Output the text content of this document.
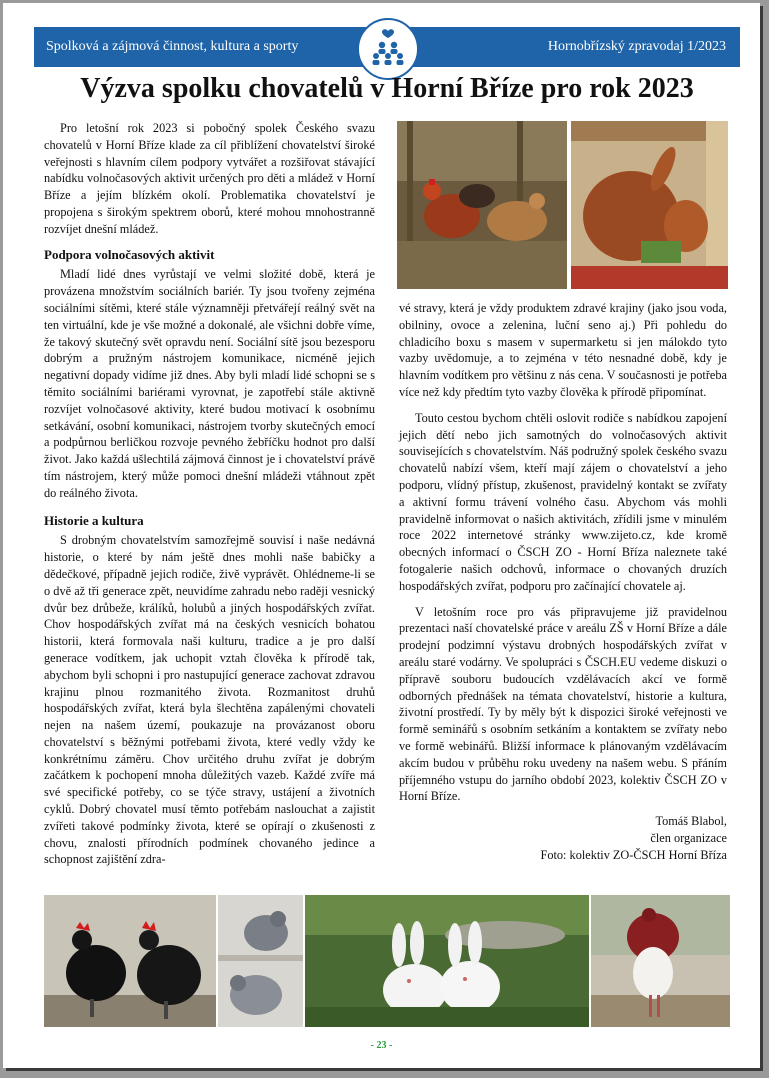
Spolková a zájmová činnost, kultura a sporty	Hornobřízský zpravodaj 1/2023
Výzva spolku chovatelů v Horní Bříze pro rok 2023

Pro letošní rok 2023 si pobočný spolek Českého svazu chovatelů v Horní Bříze klade za cíl přiblížení chovatelství široké veřejnosti s hlavním cílem podpory vytvářet a rozšiřovat stávající nabídku volnočasových aktivit určených pro děti a mládež v Horní Bříze a jejím blízkém okolí. Problematika chovatelství je propojena s širokým spektrem oborů, které mohou mnohostranně rozvíjet dnešní mládež.

Podpora volnočasových aktivit

Mladí lidé dnes vyrůstají ve velmi složité době, která je provázena množstvím sociálních bariér. Ty jsou tvořeny zejména sociálními sítěmi, které stále významněji přetvářejí reálný svět na ten virtuální, kde je vše možné a dokonalé, ale všichni dobře víme, že takový skutečný svět opravdu není. Sociální sítě jsou bezesporu dobrým a pružným nástrojem komunikace, nicméně jejich negativní dopady vidíme již dnes. Aby byli mladí lidé schopni se s těmito sociálními bariérami vyrovnat, je zapotřebí stále aktivně rozvíjet volnočasové aktivity, které budou motivací k osobnímu setkávání, osobní komunikaci, nástrojem tvorby skutečných emocí a podpůrnou berličkou rozvoje pevného žebříčku hodnot pro další život. Jako každá ušlechtilá zájmová činnost je i chovatelství právě tím nástrojem, který může pomoci dnešní mládeži vtáhnout zpět do reálného života.

Historie a kultura

S drobným chovatelstvím samozřejmě souvisí i naše nedávná historie, o které by nám ještě dnes mohli naše babičky a dědečkové, případně jejich rodiče, živě vyprávět. Ohlédneme-li se o dvě až tři generace zpět, neuvidíme zahradu nebo raději vesnický dvůr bez drůbeže, králíků, holubů a jiných hospodářských zvířat. Chov hospodářských zvířat má na českých vesnicích bohatou historii, která formovala naši kulturu, tradice a je pro další generace vodítkem, jak uchopit vztah člověka k přírodě tak, abychom byli schopni i pro nastupující generace zachovat zdravou krajinu plnou rozmanitého života. Rozmanitost druhů hospodářských zvířat, která byla šlechtěna zapálenými chovateli nejen na našem území, poukazuje na provázanost oboru chovatelství s běžnými potřebami života, které vedly vždy ke konkrétnímu záměru. Chov určitého druhu zvířat je dobrým začátkem k pochopení mnoha důležitých vazeb. Každé zvíře má své specifické potřeby, co se týče stravy, ustájení a životních cyklů. Dobrý chovatel musí těmto potřebám naslouchat a zajistit zvířeti takové podmínky života, které se opírají o zkušenosti z chovu, znalosti přírodních podmínek chovaného jedince a schopnost zajištění zdra-

vé stravy, která je vždy produktem zdravé krajiny (jako jsou voda, obilniny, ovoce a zelenina, luční seno aj.) Při pohledu do chladicího boxu s masem v supermarketu si jen málokdo tyto vazby uvědomuje, a to zejména v této nesnadné době, kdy je hlavním vodítkem pro většinu z nás cena. V současnosti je potřeba více než kdy předtím tyto vazby člověka k přírodě připomínat.

Touto cestou bychom chtěli oslovit rodiče s nabídkou zapojení jejich dětí nebo jich samotných do volnočasových aktivit souvisejících s chovatelstvím. Náš podružný spolek českého svazu chovatelů nabízí všem, kteří mají zájem o chovatelství a jeho podporu, vlídný přístup, zkušenost, pravidelný kontakt se zvířaty a aktivní formu trávení volného času. Abychom vás mohli pravidelně informovat o našich aktivitách, zřídili jsme v minulém roce 2022 internetové stránky www.zijeto.cz, kde kromě obecných informací o ČSCH ZO - Horní Bříza naleznete také fotogalerie našich odchovů, informace o chovaných druzích hospodářských zvířat, podporu pro začínající chovatele aj.

V letošním roce pro vás připravujeme již pravidelnou prezentaci naší chovatelské práce v areálu ZŠ v Horní Bříze a dále prodejní podzimní výstavu drobných hospodářských zvířat v areálu staré vodárny. Ve spolupráci s ČSCH.EU vedeme diskuzi o přípravě souboru budoucích vzdělávacích akcí ve formě odborných přednášek na témata chovatelství, historie a kultura, životní prostředí. Ty by měly být k dispozici široké veřejnosti ve formě seminářů s osobním setkáním a kontaktem se zvířaty nebo ve formě webinářů. Bližší informace k plánovaným vzdělávacím akcím budou v průběhu roku uvedeny na našem webu. S přáním příjemného vstupu do jarního období 2023, kolektiv ČSCH ZO v Horní Bříze.

Tomáš Blabol,
člen organizace
Foto: kolektiv ZO-ČSCH Horní Bříza
- 23 -
